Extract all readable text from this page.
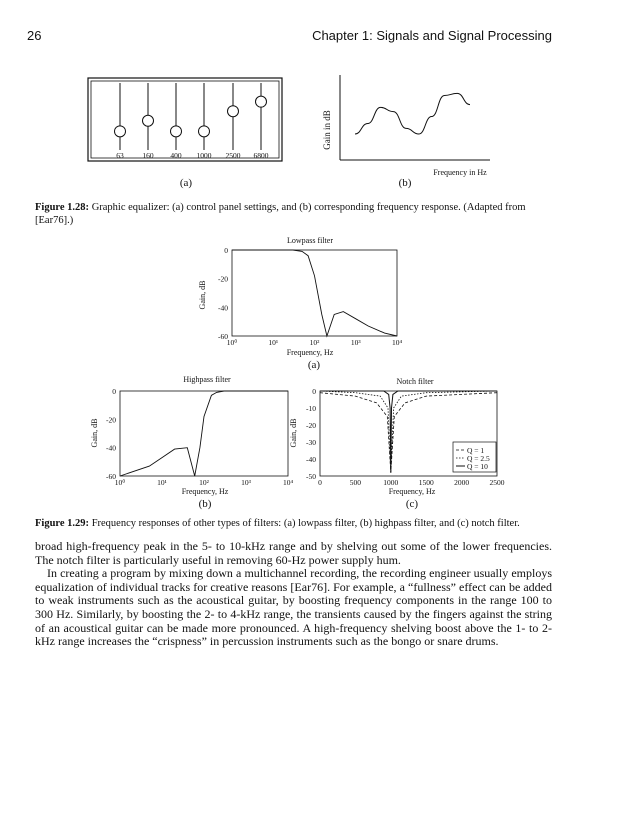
26	Chapter 1: Signals and Signal Processing
63 160 400 1000 2500 6800
(a)
Gain in dB
Frequency in Hz
(b)
Lowpass filter
10⁰	10¹	10²	10³	10⁴
0
-20
-40
-60
Gain, dB
Frequency, Hz
(a)
Highpass filter
10⁰	10¹	10²	10³	10⁴
0
-20
-40
-60
Gain, dB
Frequency, Hz
(b)
Notch filter
0	500	1000	1500	2000	2500
0
-10
-20
-30
-40
-50
Q = 1
Q = 2.5
Q = 10
Gain, dB
Frequency, Hz
(c)
Figure 1.28: Graphic equalizer: (a) control panel settings, and (b) corresponding frequency response. (Adapted from [Ear76].)
Figure 1.29: Frequency responses of other types of filters: (a) lowpass filter, (b) highpass filter, and (c) notch filter.

broad high-frequency peak in the 5- to 10-kHz range and by shelving out some of the lower frequencies. The notch filter is particularly useful in removing 60-Hz power supply hum.

In creating a program by mixing down a multichannel recording, the recording engineer usually employs equalization of individual tracks for creative reasons [Ear76]. For example, a “fullness” effect can be added to weak instruments such as the acoustical guitar, by boosting frequency components in the range 100 to 300 Hz. Similarly, by boosting the 2- to 4-kHz range, the transients caused by the fingers against the string of an acoustical guitar can be made more pronounced. A high-frequency shelving boost above the 1- to 2-kHz range increases the “crispness” in percussion instruments such as the bongo or snare drums.
